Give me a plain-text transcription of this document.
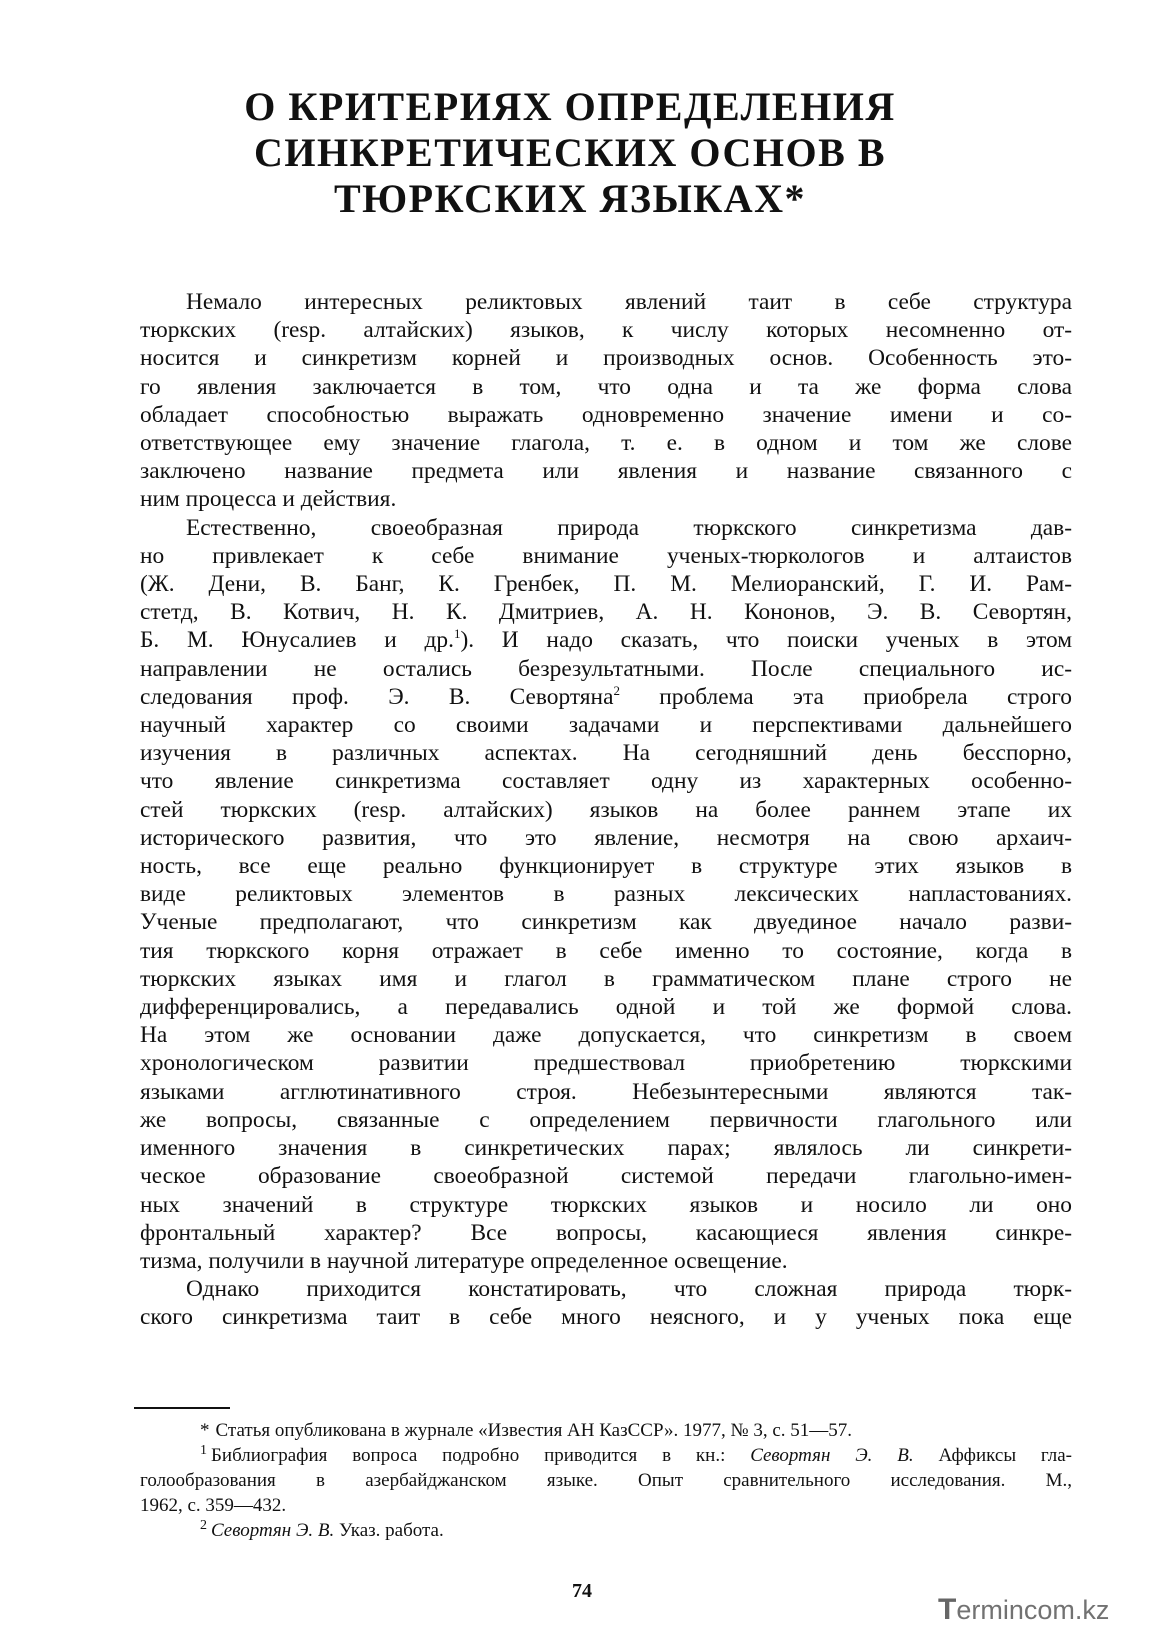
О КРИТЕРИЯХ ОПРЕДЕЛЕНИЯ
СИНКРЕТИЧЕСКИХ ОСНОВ В
ТЮРКСКИХ ЯЗЫКАХ*

Немало интересных реликтовых явлений таит в себе структура
тюркских (resp. алтайских) языков, к числу которых несомненно от-
носится и синкретизм корней и производных основ. Особенность это-
го явления заключается в том, что одна и та же форма слова
обладает способностью выражать одновременно значение имени и со-
ответствующее ему значение глагола, т. е. в одном и том же слове
заключено название предмета или явления и название связанного с
ним процесса и действия.

Естественно, своеобразная природа тюркского синкретизма дав-
но привлекает к себе внимание ученых-тюркологов и алтаистов
(Ж. Дени, В. Банг, К. Гренбек, П. М. Мелиоранский, Г. И. Рам-
стетд, В. Котвич, Н. К. Дмитриев, А. Н. Кононов, Э. В. Севортян,
Б. М. Юнусалиев и др.$^1$). И надо сказать, что поиски ученых в этом
направлении не остались безрезультатными. После специального ис-
следования проф. Э. В. Севортяна$^2$ проблема эта приобрела строго
научный характер со своими задачами и перспективами дальнейшего
изучения в различных аспектах. На сегодняшний день бесспорно,
что явление синкретизма составляет одну из характерных особенно-
стей тюркских (resp. алтайских) языков на более раннем этапе их
исторического развития, что это явление, несмотря на свою архаич-
ность, все еще реально функционирует в структуре этих языков в
виде реликтовых элементов в разных лексических напластованиях.
Ученые предполагают, что синкретизм как двуединое начало разви-
тия тюркского корня отражает в себе именно то состояние, когда в
тюркских языках имя и глагол в грамматическом плане строго не
дифференцировались, а передавались одной и той же формой слова.
На этом же основании даже допускается, что синкретизм в своем
хронологическом развитии предшествовал приобретению тюркскими
языками агглютинативного строя. Небезынтересными являются так-
же вопросы, связанные с определением первичности глагольного или
именного значения в синкретических парах; являлось ли синкрети-
ческое образование своеобразной системой передачи глагольно-имен-
ных значений в структуре тюркских языков и носило ли оно
фронтальный характер? Все вопросы, касающиеся явления синкре-
тизма, получили в научной литературе определенное освещение.

Однако приходится констатировать, что сложная природа тюрк-
ского синкретизма таит в себе много неясного, и у ученых пока еще

* Статья опубликована в журнале «Известия АН КазССР». 1977, № 3, с. 51—57.

$^1$ Библиография вопроса подробно приводится в кн.: Севортян Э. В. Аффиксы гла-
голообразования в азербайджанском языке. Опыт сравнительного исследования. М.,
1962, с. 359—432.

$^2$ Севортян Э. В. Указ. работа.

74
Termincom.kz
